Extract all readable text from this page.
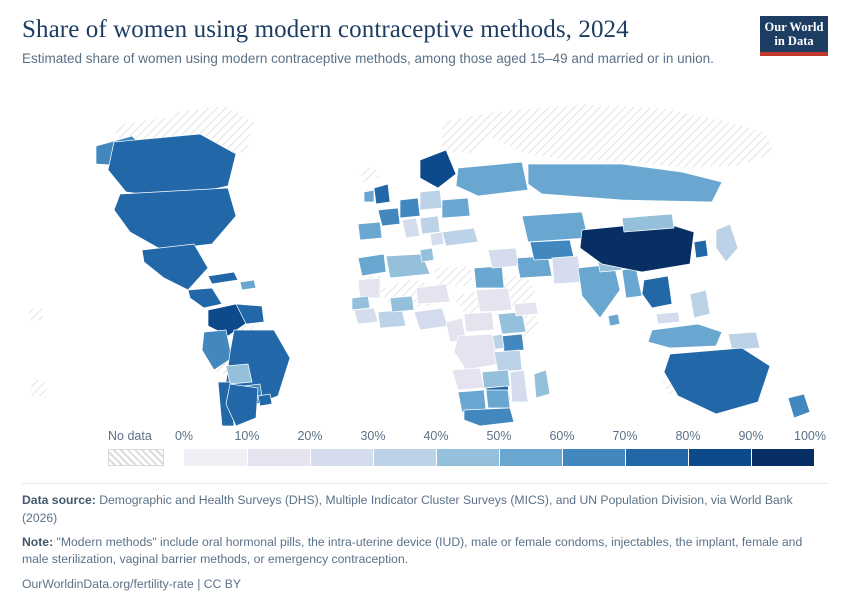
Share of women using modern contraceptive methods, 2024

Estimated share of women using modern contraceptive methods, among those aged 15–49 and married or in union.

Our World
in Data
No data 0%	10%	20%	30%	40%	50%	60%	70%	80%	90% 100%

Data source: Demographic and Health Surveys (DHS), Multiple Indicator Cluster Surveys (MICS), and UN Population Division, via World Bank (2026)

Note: "Modern methods" include oral hormonal pills, the intra-uterine device (IUD), male or female condoms, injectables, the implant, female and male sterilization, vaginal barrier methods, or emergency contraception.

OurWorldinData.org/fertility-rate | CC BY
